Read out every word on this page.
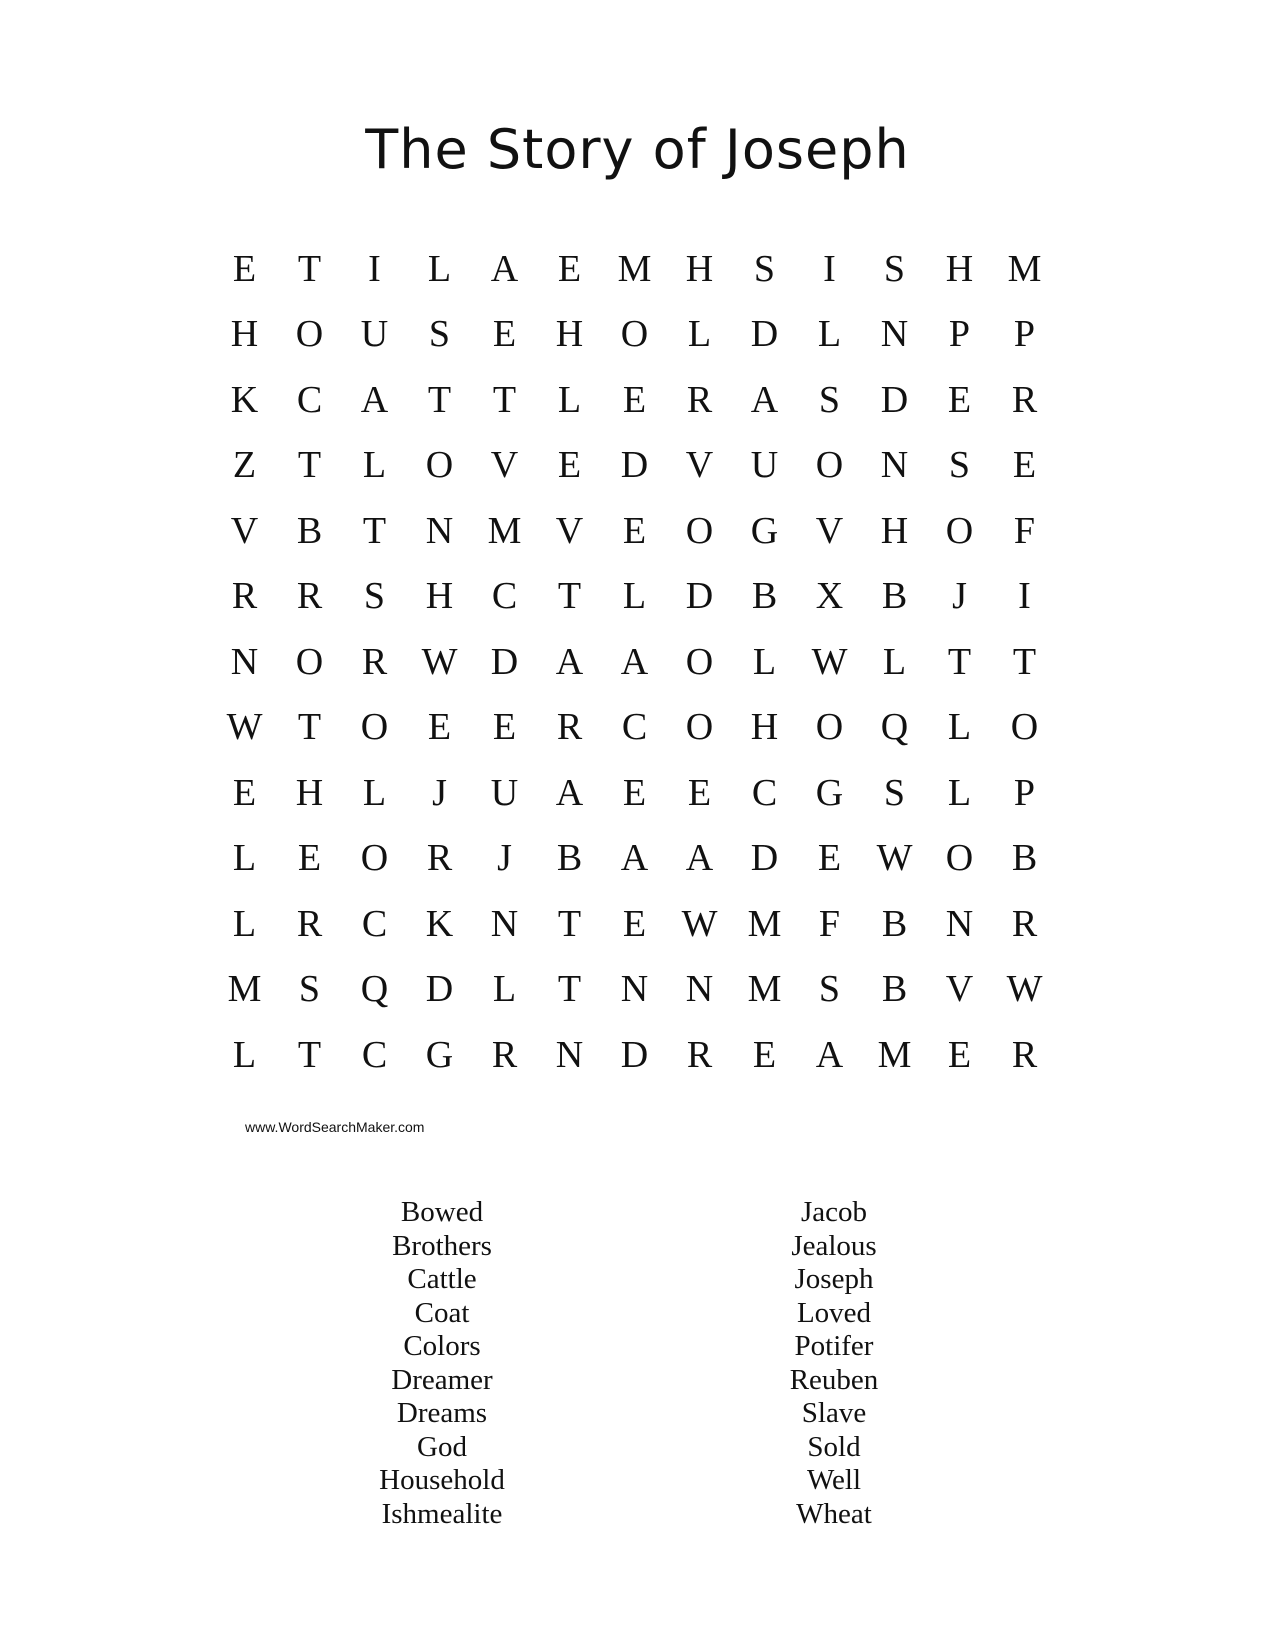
The Story of Joseph
E	T	I	L	A	E M H	S	I	S	H M
H O U	S	E	H O	L	D	L	N	P	P
K	C	A	T	T	L	E	R	A	S	D	E	R
Z	T	L	O V	E	D V U O N	S	E
V	B	T	N M V	E	O G V H O	F
R	R	S	H	C	T	L	D	B	X	B	J	I
N O	R W D A A O	L W L	T	T
W T	O	E	E	R	C	O H O Q	L	O
E	H	L	J	U A	E	E	C	G	S	L	P
L	E	O	R	J	B	A A D	E W O	B
L	R	C	K N	T	E W M F	B	N	R
M S	Q D	L	T	N N M S	B	V W
L	T	C	G	R	N D	R	E	A M E	R
www.WordSearchMaker.com
Bowed
Brothers
Cattle
Coat
Colors
Dreamer
Dreams
God
Household
Ishmealite
Jacob
Jealous
Joseph
Loved
Potifer
Reuben
Slave
Sold
Well
Wheat
